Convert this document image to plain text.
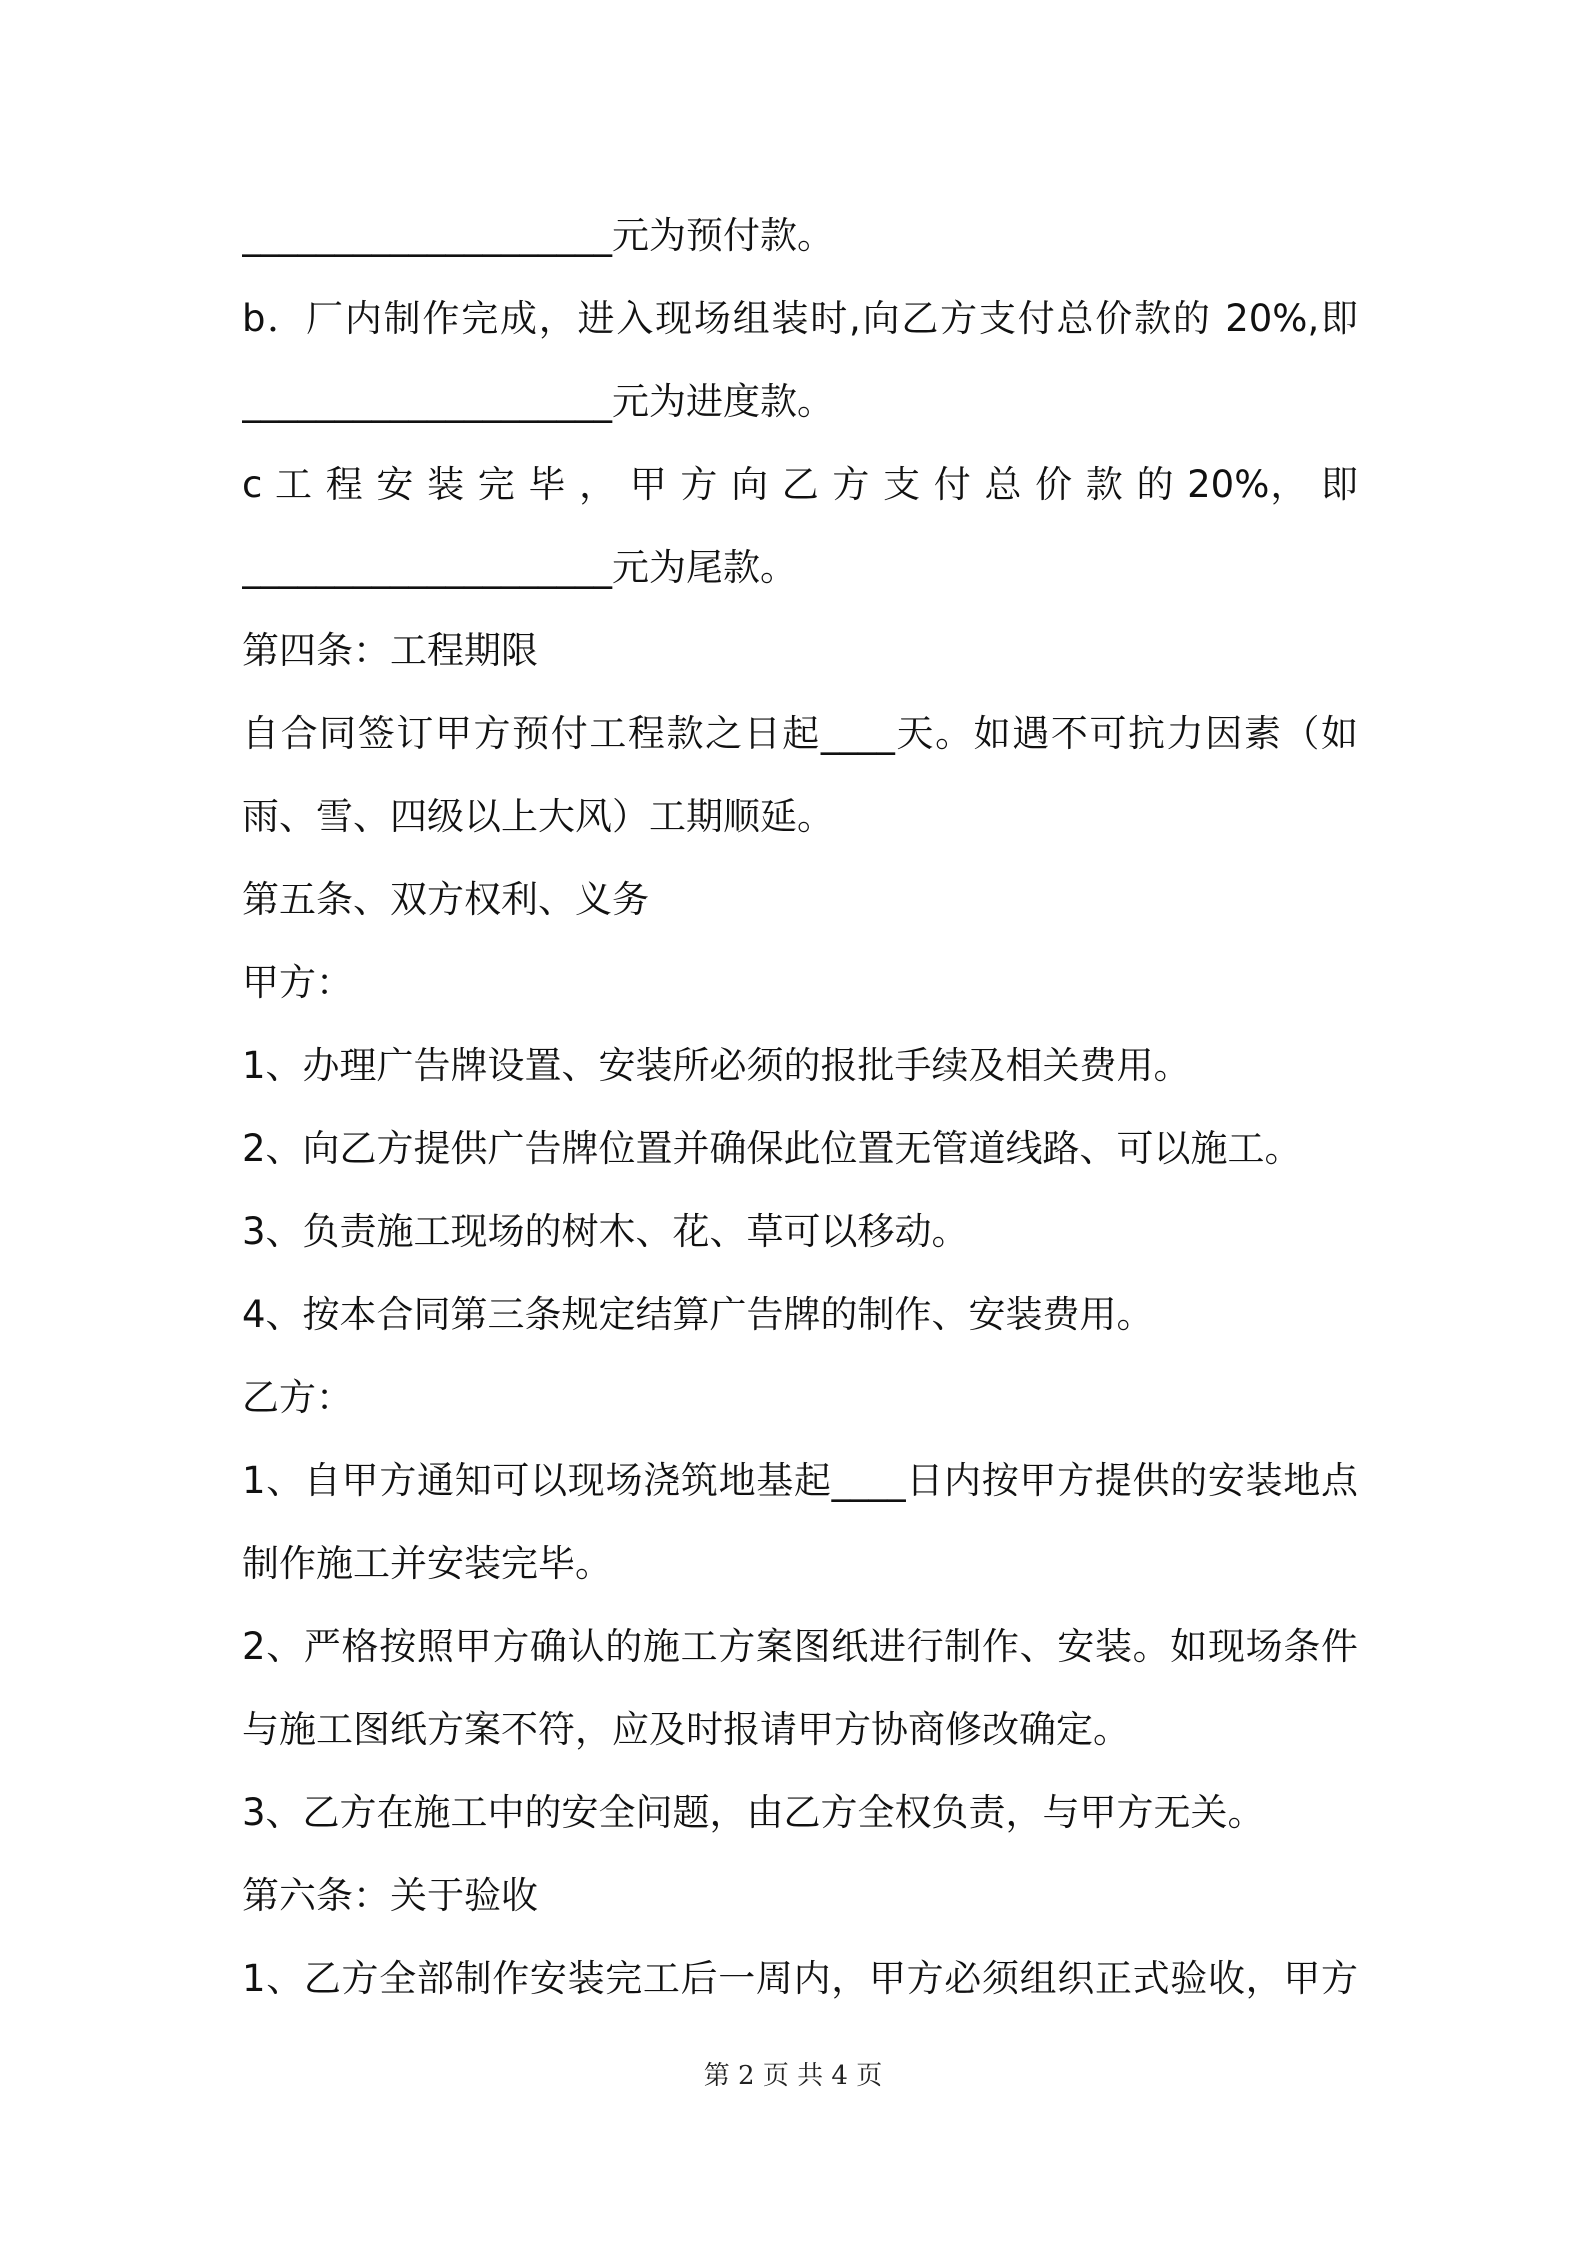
____________________元为预付款。
b．厂内制作完成，进入现场组装时,向乙方支付总价款的 20%,即
____________________元为进度款。
c 工 程 安 装 完 毕 ， 甲 方 向 乙 方 支 付 总 价 款 的 20%， 即
____________________元为尾款。
第四条：工程期限
自合同签订甲方预付工程款之日起____天。如遇不可抗力因素（如
雨、雪、四级以上大风）工期顺延。
第五条、双方权利、义务
甲方：
1、办理广告牌设置、安装所必须的报批手续及相关费用。
2、向乙方提供广告牌位置并确保此位置无管道线路、可以施工。
3、负责施工现场的树木、花、草可以移动。
4、按本合同第三条规定结算广告牌的制作、安装费用。
乙方：
1、自甲方通知可以现场浇筑地基起____日内按甲方提供的安装地点
制作施工并安装完毕。
2、严格按照甲方确认的施工方案图纸进行制作、安装。如现场条件
与施工图纸方案不符，应及时报请甲方协商修改确定。
3、乙方在施工中的安全问题，由乙方全权负责，与甲方无关。
第六条：关于验收
1、乙方全部制作安装完工后一周内，甲方必须组织正式验收，甲方
第 2 页 共 4 页
